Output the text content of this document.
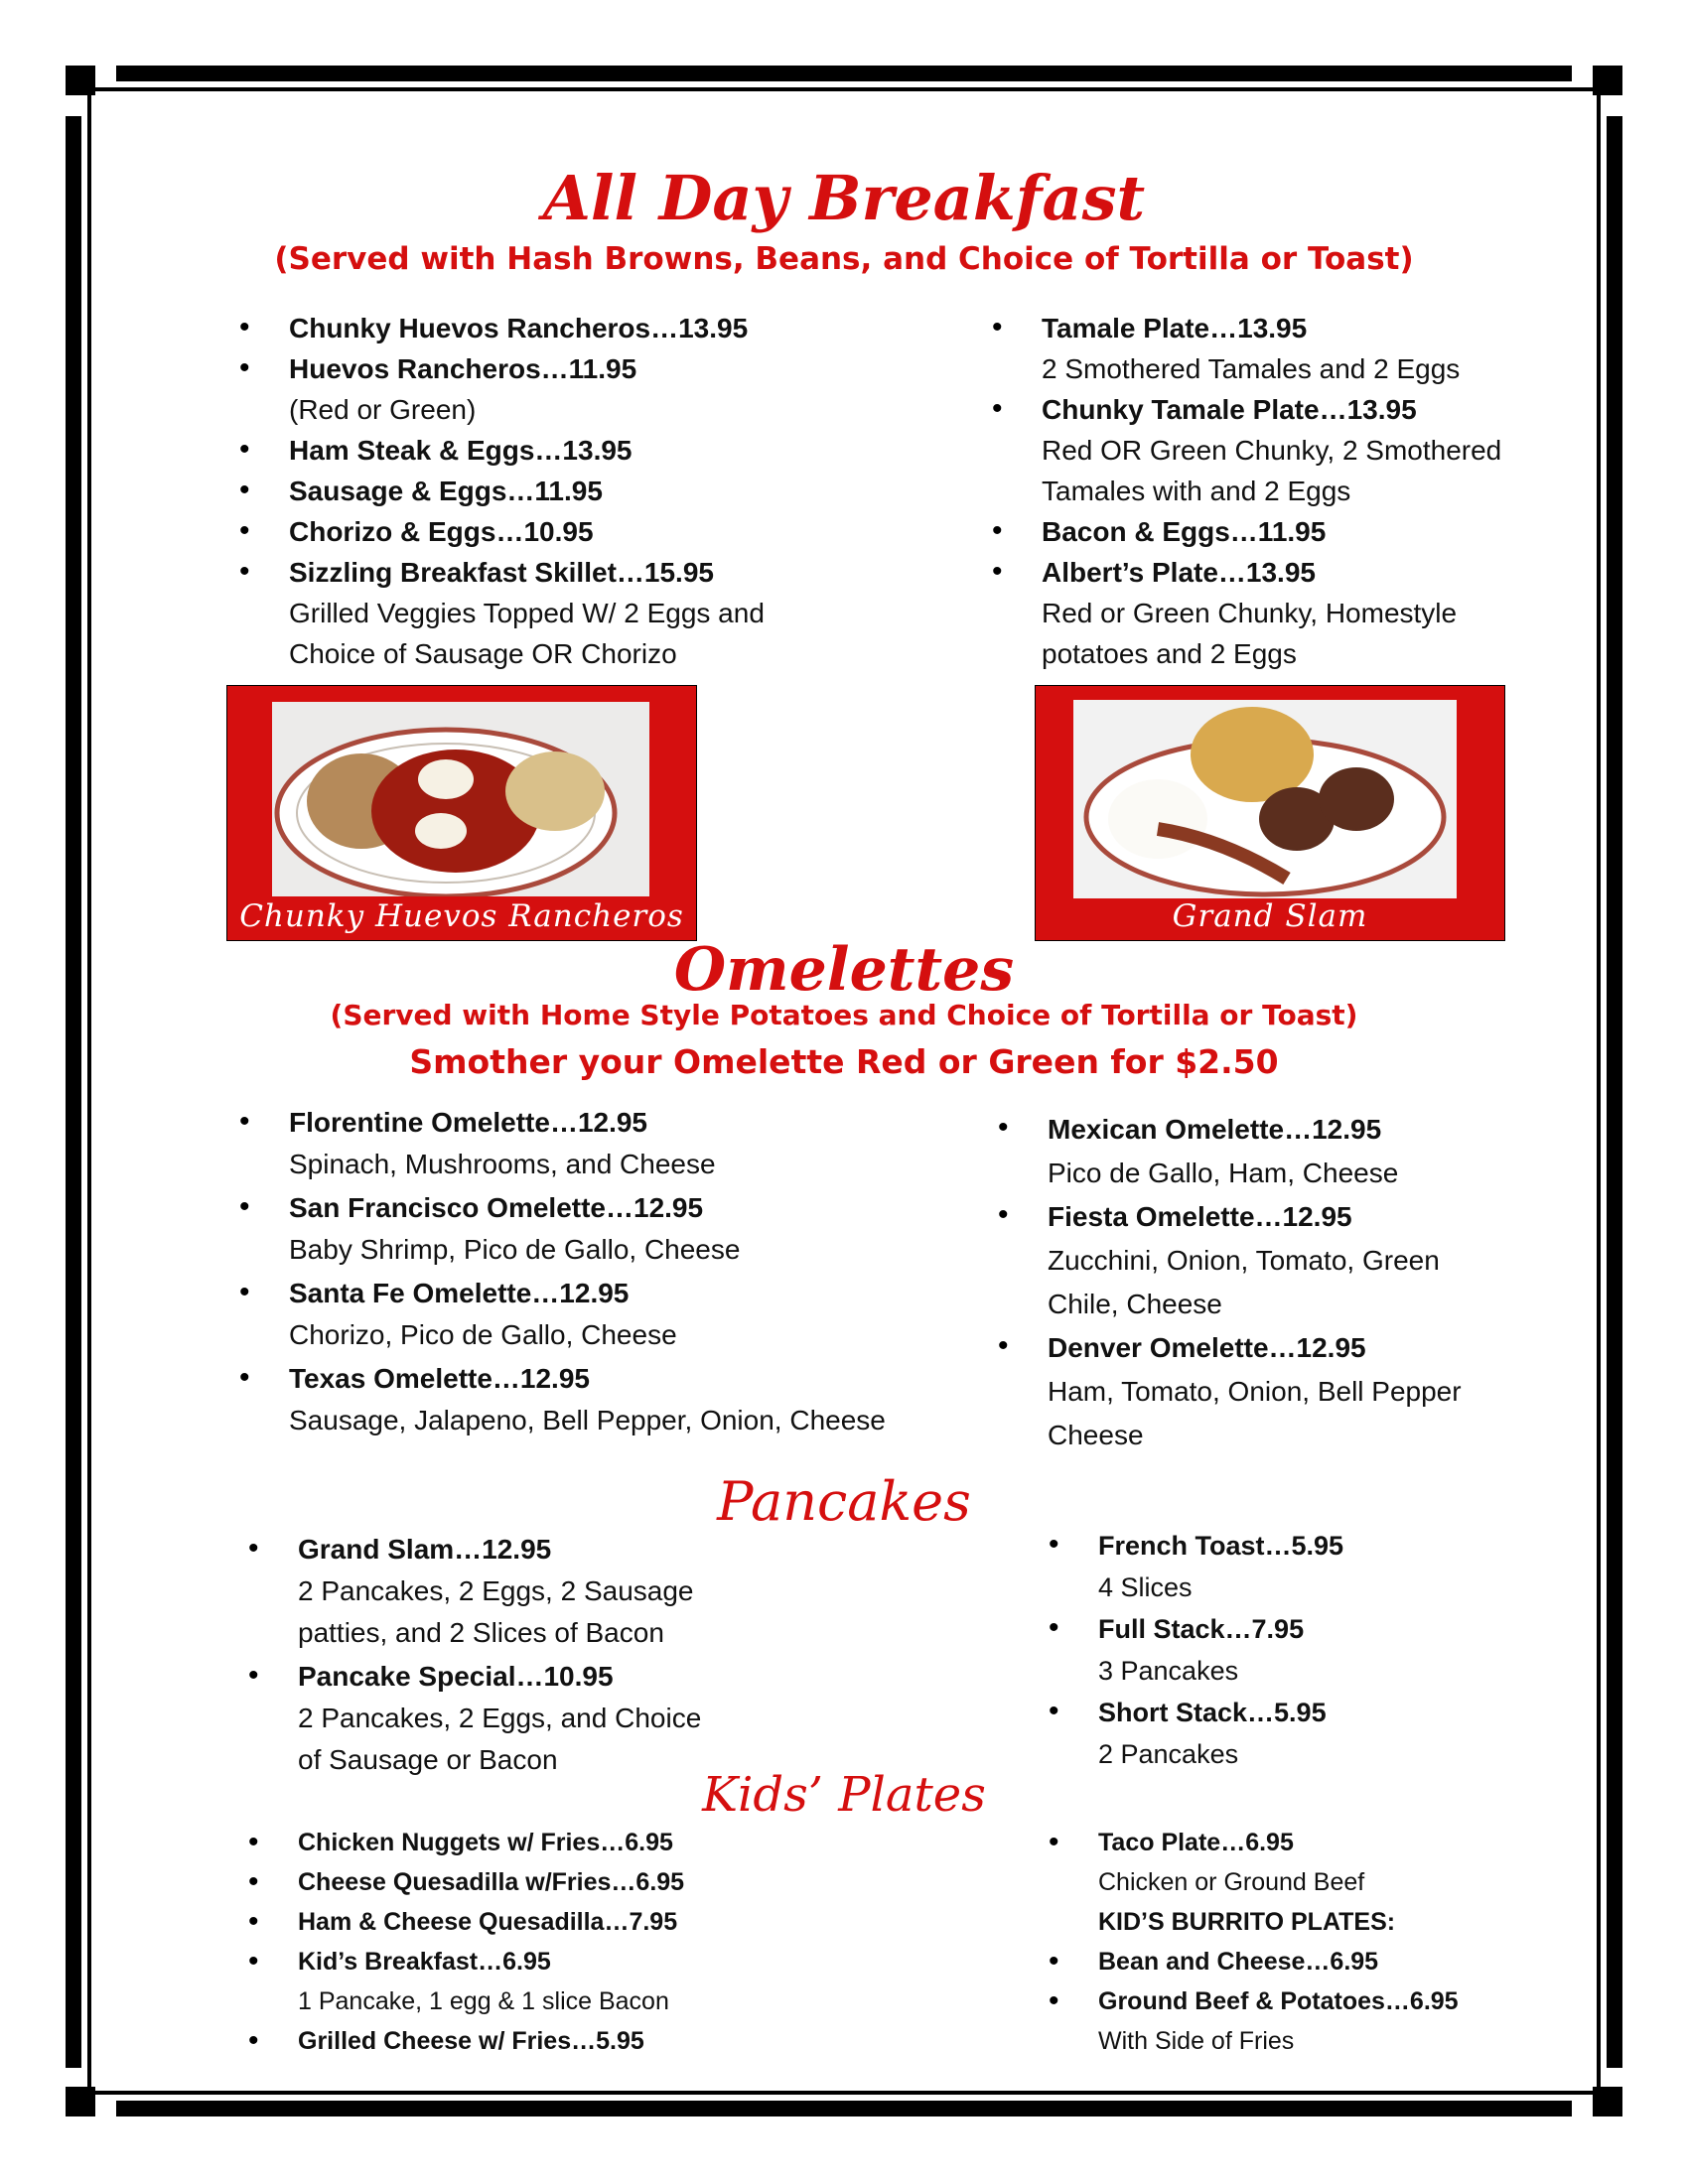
All Day Breakfast
(Served with Hash Browns, Beans, and Choice of Tortilla or Toast)
• Chunky Huevos Rancheros…13.95
• Huevos Rancheros…11.95
(Red or Green)
• Ham Steak & Eggs…13.95
• Sausage & Eggs…11.95
• Chorizo & Eggs…10.95
• Sizzling Breakfast Skillet…15.95
Grilled Veggies Topped W/ 2 Eggs and
Choice of Sausage OR Chorizo
• Tamale Plate…13.95
2 Smothered Tamales and 2 Eggs
• Chunky Tamale Plate…13.95
Red OR Green Chunky, 2 Smothered
Tamales with and 2 Eggs
• Bacon & Eggs…11.95
• Albert’s Plate…13.95
Red or Green Chunky, Homestyle
potatoes and 2 Eggs
Chunky Huevos Rancheros	Grand Slam
Omelettes
(Served with Home Style Potatoes and Choice of Tortilla or Toast)
Smother your Omelette Red or Green for $2.50
• Florentine Omelette…12.95
Spinach, Mushrooms, and Cheese
• San Francisco Omelette…12.95
Baby Shrimp, Pico de Gallo, Cheese
• Santa Fe Omelette…12.95
Chorizo, Pico de Gallo, Cheese
• Texas Omelette…12.95
Sausage, Jalapeno, Bell Pepper, Onion, Cheese
• Mexican Omelette…12.95
Pico de Gallo, Ham, Cheese
• Fiesta Omelette…12.95
Zucchini, Onion, Tomato, Green
Chile, Cheese
• Denver Omelette…12.95
Ham, Tomato, Onion, Bell Pepper
Cheese
Pancakes
• Grand Slam…12.95
2 Pancakes, 2 Eggs, 2 Sausage
patties, and 2 Slices of Bacon
• Pancake Special…10.95
2 Pancakes, 2 Eggs, and Choice
of Sausage or Bacon
• French Toast…5.95
4 Slices
• Full Stack…7.95
3 Pancakes
• Short Stack…5.95
2 Pancakes
Kids’ Plates
• Chicken Nuggets w/ Fries…6.95
• Cheese Quesadilla w/Fries…6.95
• Ham & Cheese Quesadilla…7.95
• Kid’s Breakfast…6.95
1 Pancake, 1 egg & 1 slice Bacon
• Grilled Cheese w/ Fries…5.95
• Taco Plate…6.95
Chicken or Ground Beef
KID’S BURRITO PLATES:
• Bean and Cheese…6.95
• Ground Beef & Potatoes…6.95
With Side of Fries
